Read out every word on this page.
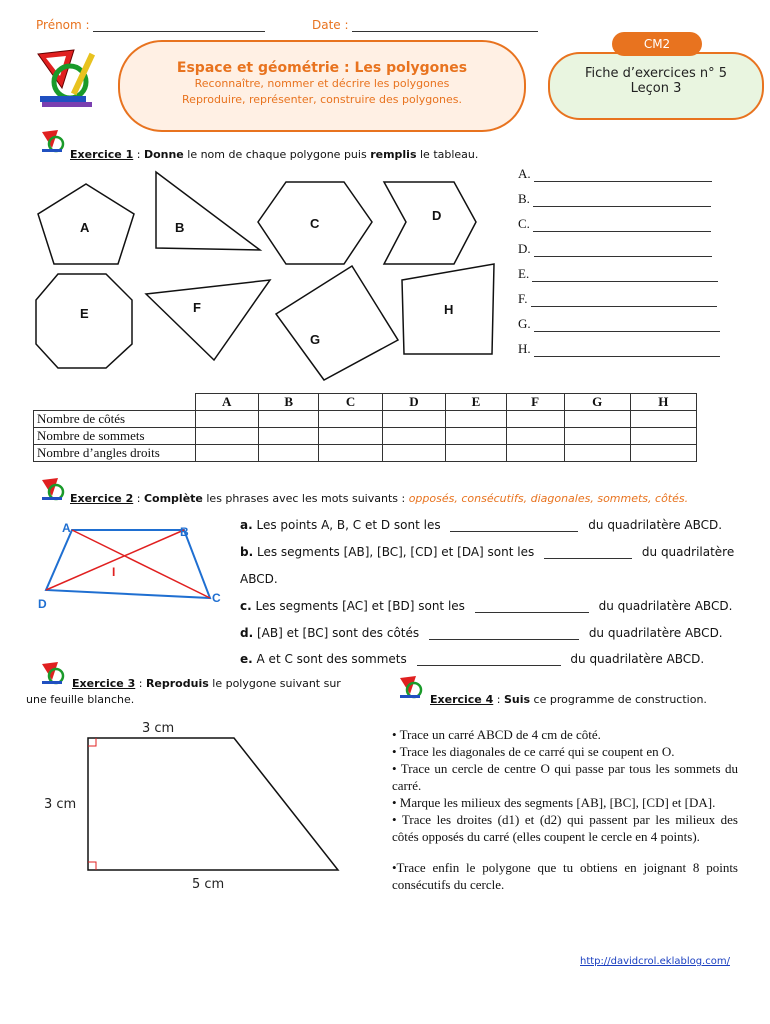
Prénom :	Date :
Espace et géométrie : Les polygones
Reconnaître, nommer et décrire les polygones
Reproduire, représenter, construire des polygones.
Fiche d’exercices n° 5
Leçon 3
CM2
Exercice 1 : Donne le nom de chaque polygone puis remplis le tableau.
A	B	C
D
E	F
G
H
A.
B.
C.
D.
E.
F.
G.
H.
	A	B	C	D	E	F	G	H
Nombre de côtés								
Nombre de sommets								
Nombre d’angles droits								
Exercice 2 : Complète les phrases avec les mots suivants : opposés, consécutifs, diagonales, sommets, côtés.
A	B
C
D
I
a. Les points A, B, C et D sont les	du quadrilatère ABCD.
b. Les segments [AB], [BC], [CD] et [DA] sont les	du quadrilatère
ABCD.
c. Les segments [AC] et [BD] sont les	du quadrilatère ABCD.
d. [AB] et [BC] sont des côtés	du quadrilatère ABCD.
e. A et C sont des sommets	du quadrilatère ABCD.
Exercice 3 : Reproduis le polygone suivant sur
une feuille blanche.
3 cm
3 cm
5 cm
Exercice 4 : Suis ce programme de construction.
• Trace un carré ABCD de 4 cm de côté.
• Trace les diagonales de ce carré qui se coupent en O.
• Trace un cercle de centre O qui passe par tous les sommets du carré.
• Marque les milieux des segments [AB], [BC], [CD] et [DA].
• Trace les droites (d1) et (d2) qui passent par les milieux des côtés opposés du carré (elles coupent le cercle en 4 points).
•Trace enfin le polygone que tu obtiens en joignant 8 points consécutifs du cercle.
http://davidcrol.eklablog.com/
